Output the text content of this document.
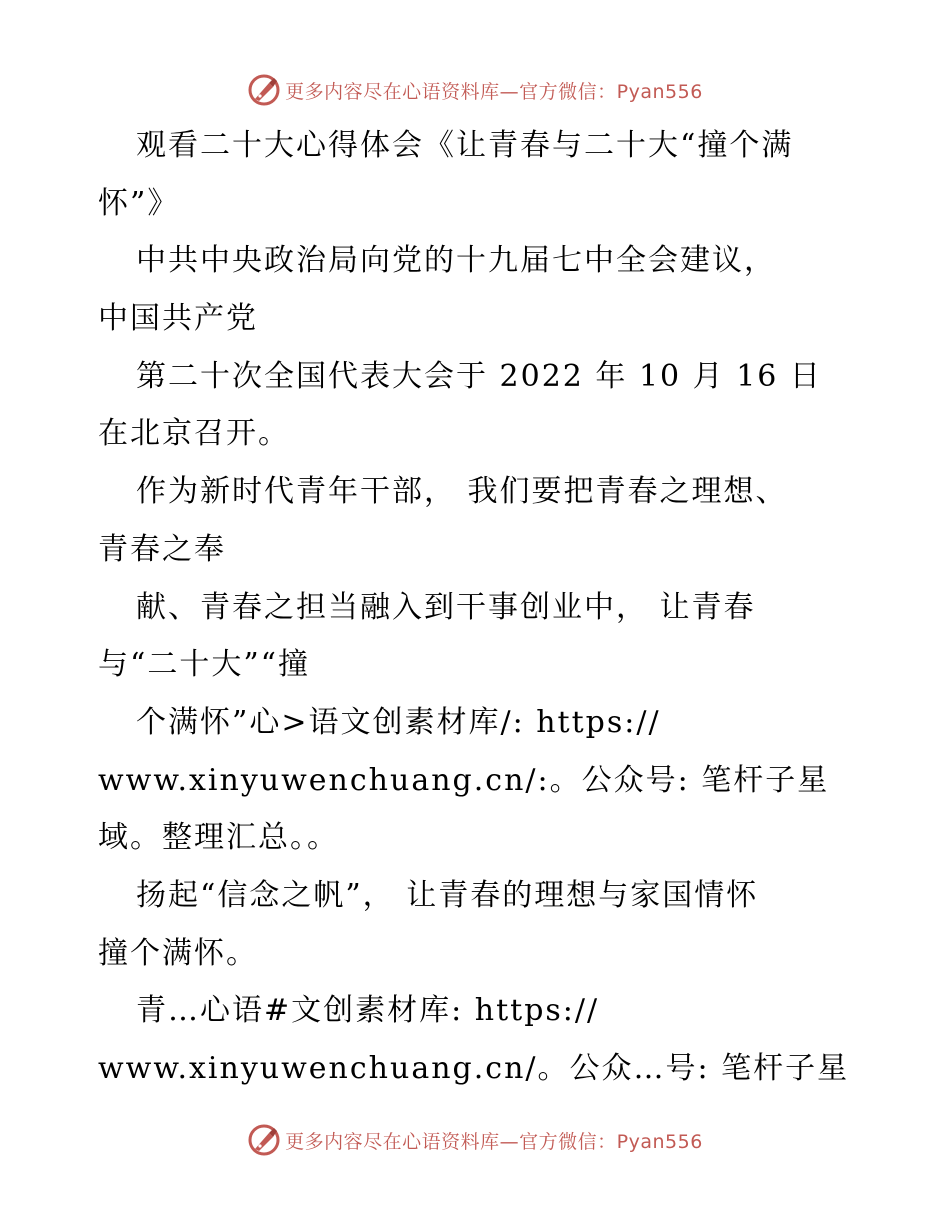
更多内容尽在心语资料库—官方微信：Pyan556
观看二十大心得体会《让青春与二十大“撞个满
怀”》
中共中央政治局向党的十九届七中全会建议，
中国共产党
第二十次全国代表大会于 2022 年 10 月 16 日
在北京召开。
作为新时代青年干部， 我们要把青春之理想、
青春之奉
献、青春之担当融入到干事创业中， 让青春
与“二十大”“撞
个满怀”心>语文创素材库/: https://
www.xinyuwenchuang.cn/:。公众号: 笔杆子星
域。整理汇总。。
扬起“信念之帆”， 让青春的理想与家国情怀
撞个满怀。
青…心语#文创素材库: https://
www.xinyuwenchuang.cn/。公众…号: 笔杆子星
更多内容尽在心语资料库—官方微信：Pyan556
